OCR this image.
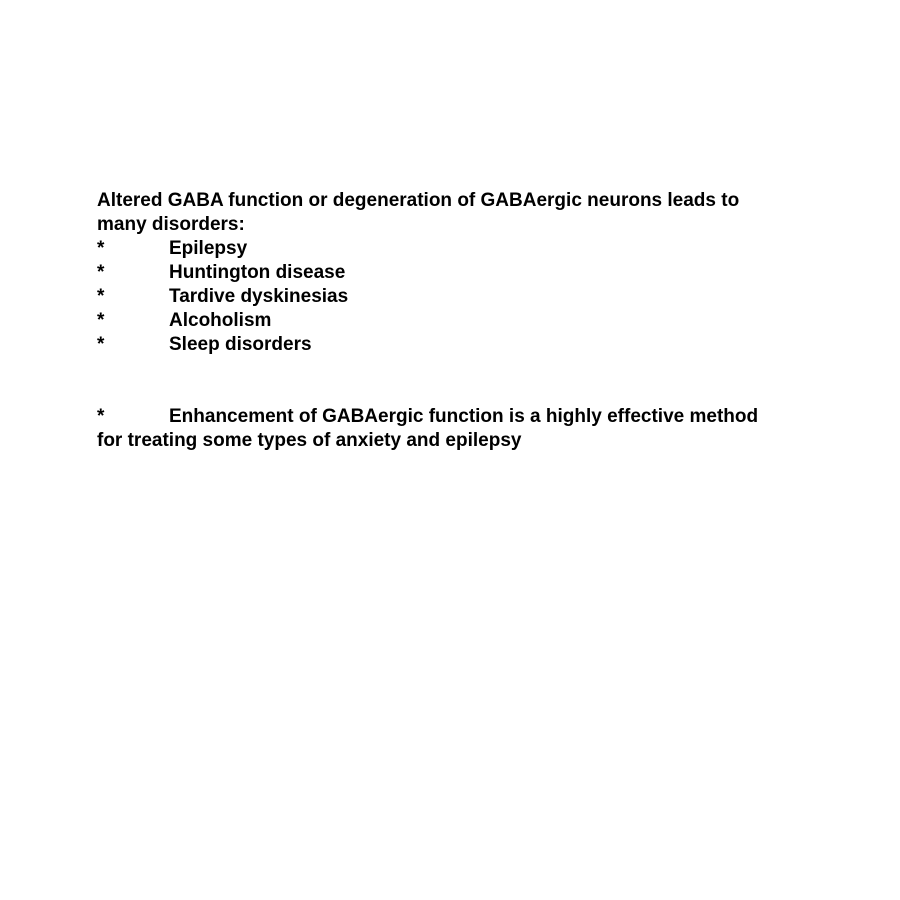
Altered GABA function or degeneration of GABAergic neurons leads to
many disorders:
*	Epilepsy
*	Huntington disease
*	Tardive dyskinesias
*	Alcoholism
*	Sleep disorders
*	Enhancement of GABAergic function is a highly effective method
for treating some types of anxiety and epilepsy
